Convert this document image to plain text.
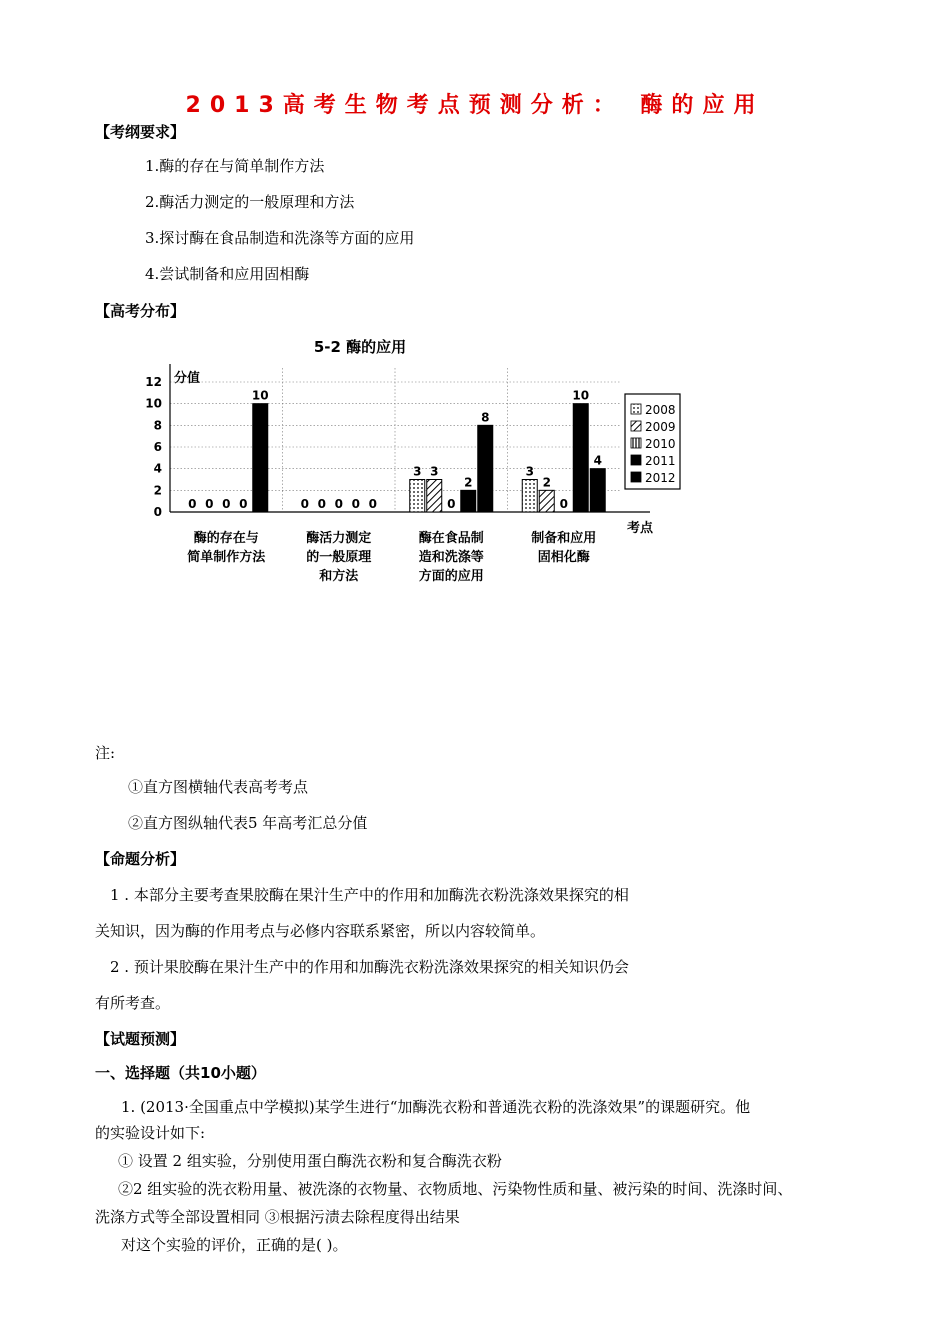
2013高考生物考点预测分析： 酶的应用
【考纲要求】
1.酶的存在与简单制作方法
2.酶活力测定的一般原理和方法
3.探讨酶在食品制造和洗涤等方面的应用
4.尝试制备和应用固相酶
【高考分布】
5-2 酶的应用
0
2
4
6
8
10
12 分值
考点
0 0 0 0
10
酶的存在与
简单制作方法
0 0 0 0 0
酶活力测定
的一般原理
和方法
3 3
0
2
8
酶在食品制
造和洗涤等
方面的应用
3
2
0
10
4
制备和应用
固相化酶
2008
2009
2010
2011
2012
注:
①直方图横轴代表高考考点
②直方图纵轴代表5 年高考汇总分值
【命题分析】
1 . 本部分主要考查果胶酶在果汁生产中的作用和加酶洗衣粉洗涤效果探究的相
关知识，因为酶的作用考点与必修内容联系紧密，所以内容较简单。
2 . 预计果胶酶在果汁生产中的作用和加酶洗衣粉洗涤效果探究的相关知识仍会
有所考查。
【试题预测】
一、选择题（共10小题）
1. (2013·全国重点中学模拟)某学生进行“加酶洗衣粉和普通洗衣粉的洗涤效果”的课题研究。他
的实验设计如下:
① 设置 2 组实验，分别使用蛋白酶洗衣粉和复合酶洗衣粉
②2 组实验的洗衣粉用量、被洗涤的衣物量、衣物质地、污染物性质和量、被污染的时间、洗涤时间、
洗涤方式等全部设置相同 ③根据污渍去除程度得出结果
对这个实验的评价，正确的是( )。
